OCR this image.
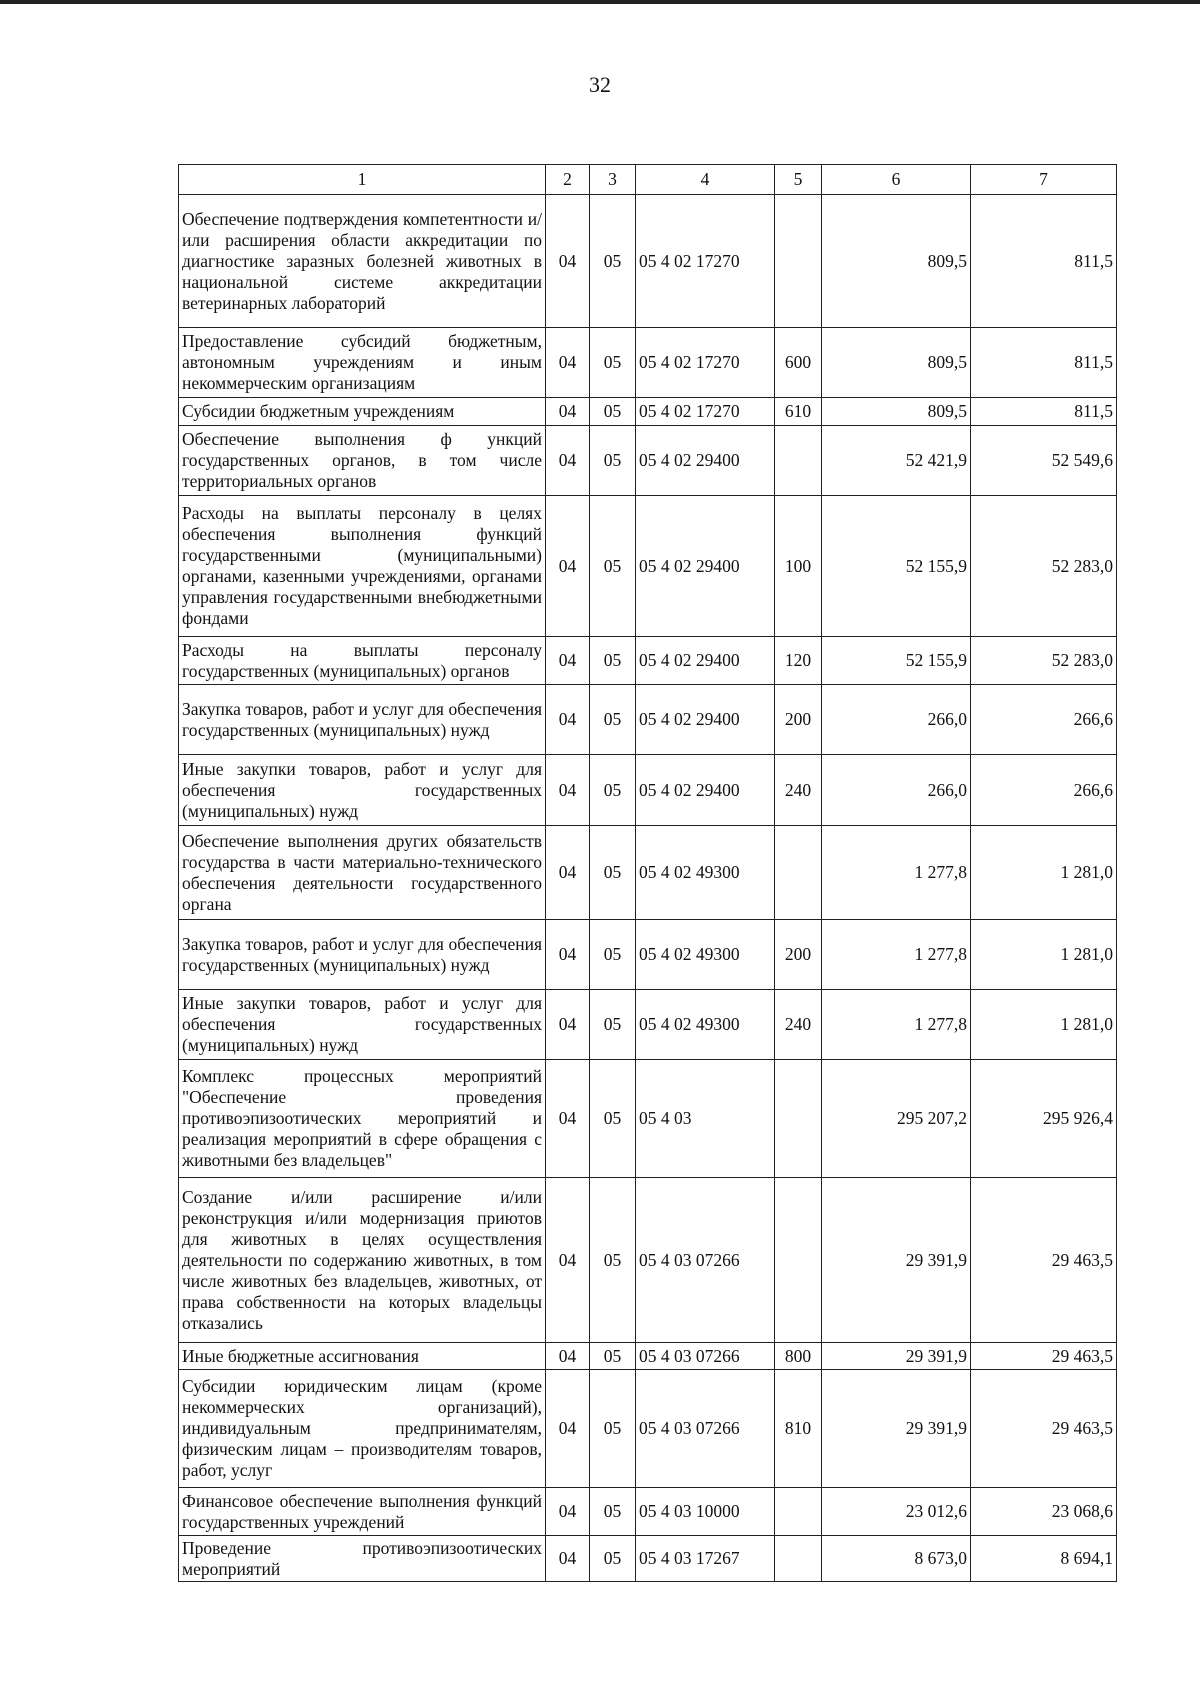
32
1	2	3	4	5	6	7
Обеспечение подтверждения компетентности и/или расширения области аккредитации по диагностике заразных болезней животных в национальной системе аккредитации ветеринарных лабораторий	04	05	05 4 02 17270		809,5	811,5
Предоставление субсидий бюджетным, автономным учреждениям и иным некоммерческим организациям	04	05	05 4 02 17270	600	809,5	811,5
Субсидии бюджетным учреждениям	04	05	05 4 02 17270	610	809,5	811,5
Обеспечение выполнения ф ункций государственных органов, в том числе территориальных органов	04	05	05 4 02 29400		52 421,9	52 549,6
Расходы на выплаты персоналу в целях обеспечения выполнения функций государственными (муниципальными) органами, казенными учреждениями, органами управления государственными внебюджетными фондами	04	05	05 4 02 29400	100	52 155,9	52 283,0
Расходы на выплаты персоналу государственных (муниципальных) органов	04	05	05 4 02 29400	120	52 155,9	52 283,0
Закупка товаров, работ и услуг для обеспечения государственных (муниципальных) нужд	04	05	05 4 02 29400	200	266,0	266,6
Иные закупки товаров, работ и услуг для обеспечения государственных (муниципальных) нужд	04	05	05 4 02 29400	240	266,0	266,6
Обеспечение выполнения других обязательств государства в части материально-технического обеспечения деятельности государственного органа	04	05	05 4 02 49300		1 277,8	1 281,0
Закупка товаров, работ и услуг для обеспечения государственных (муниципальных) нужд	04	05	05 4 02 49300	200	1 277,8	1 281,0
Иные закупки товаров, работ и услуг для обеспечения государственных (муниципальных) нужд	04	05	05 4 02 49300	240	1 277,8	1 281,0
Комплекс процессных мероприятий "Обеспечение проведения противоэпизоотических мероприятий и реализация мероприятий в сфере обращения с животными без владельцев"	04	05	05 4 03		295 207,2	295 926,4
Создание и/или расширение и/или реконструкция и/или модернизация приютов для животных в целях осуществления деятельности по содержанию животных, в том числе животных без владельцев, животных, от права собственности на которых владельцы отказались	04	05	05 4 03 07266		29 391,9	29 463,5
Иные бюджетные ассигнования	04	05	05 4 03 07266	800	29 391,9	29 463,5
Субсидии юридическим лицам (кроме некоммерческих организаций), индивидуальным предпринимателям, физическим лицам – производителям товаров, работ, услуг	04	05	05 4 03 07266	810	29 391,9	29 463,5
Финансовое обеспечение выполнения функций государственных учреждений	04	05	05 4 03 10000		23 012,6	23 068,6
Проведение противоэпизоотических мероприятий	04	05	05 4 03 17267		8 673,0	8 694,1
